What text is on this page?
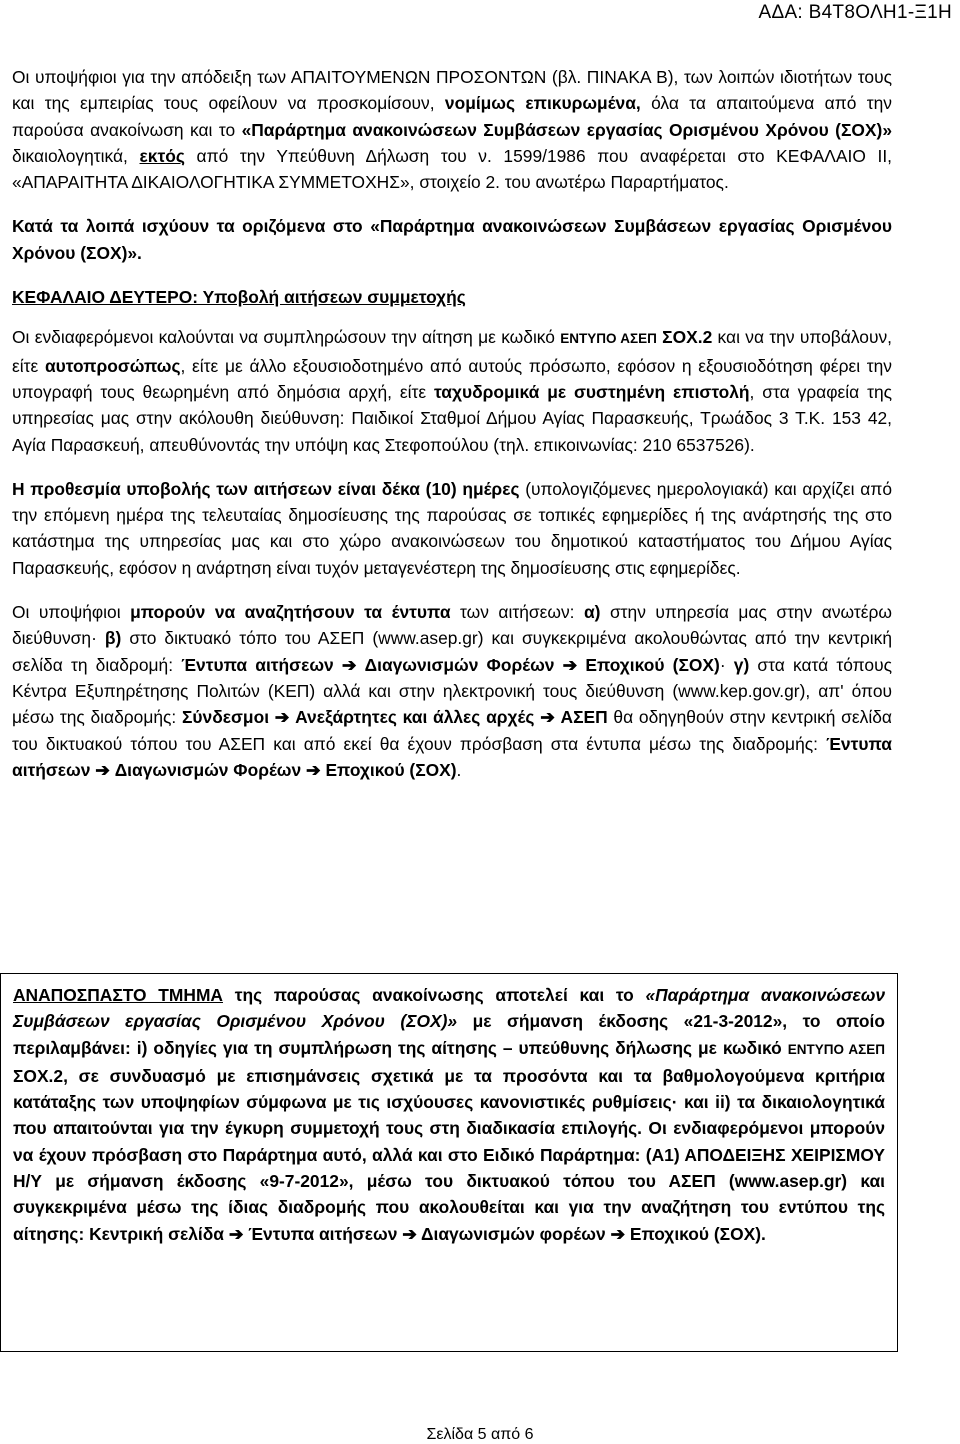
ΑΔΑ: Β4Τ8ΟΛΗ1-Ξ1Η

Οι υποψήφιοι για την απόδειξη των ΑΠΑΙΤΟΥΜΕΝΩΝ ΠΡΟΣΟΝΤΩΝ (βλ. ΠΙΝΑΚΑ Β), των λοιπών ιδιοτήτων τους και της εμπειρίας τους οφείλουν να προσκομίσουν, νομίμως επικυρωμένα, όλα τα απαιτούμενα από την παρούσα ανακοίνωση και το «Παράρτημα ανακοινώσεων Συμβάσεων εργασίας Ορισμένου Χρόνου (ΣΟΧ)» δικαιολογητικά, εκτός από την Υπεύθυνη Δήλωση του ν. 1599/1986 που αναφέρεται στο ΚΕΦΑΛΑΙΟ ΙΙ, «ΑΠΑΡΑΙΤΗΤΑ ΔΙΚΑΙΟΛΟΓΗΤΙΚΑ ΣΥΜΜΕΤΟΧΗΣ», στοιχείο 2. του ανωτέρω Παραρτήματος.

Κατά τα λοιπά ισχύουν τα οριζόμενα στο «Παράρτημα ανακοινώσεων Συμβάσεων εργασίας Ορισμένου Χρόνου (ΣΟΧ)».

ΚΕΦΑΛΑΙΟ ΔΕΥΤΕΡΟ: Υποβολή αιτήσεων συμμετοχής

Οι ενδιαφερόμενοι καλούνται να συμπληρώσουν την αίτηση με κωδικό ΕΝΤΥΠΟ ΑΣΕΠ ΣΟΧ.2 και να την υποβάλουν, είτε αυτοπροσώπως, είτε με άλλο εξουσιοδοτημένο από αυτούς πρόσωπο, εφόσον η εξουσιοδότηση φέρει την υπογραφή τους θεωρημένη από δημόσια αρχή, είτε ταχυδρομικά με συστημένη επιστολή, στα γραφεία της υπηρεσίας μας στην ακόλουθη διεύθυνση: Παιδικοί Σταθμοί Δήμου Αγίας Παρασκευής, Τρωάδος 3 Τ.Κ. 153 42, Αγία Παρασκευή, απευθύνοντάς την υπόψη κας Στεφοπούλου (τηλ. επικοινωνίας: 210 6537526).

Η προθεσμία υποβολής των αιτήσεων είναι δέκα (10) ημέρες (υπολογιζόμενες ημερολογιακά) και αρχίζει από την επόμενη ημέρα της τελευταίας δημοσίευσης της παρούσας σε τοπικές εφημερίδες ή της ανάρτησής της στο κατάστημα της υπηρεσίας μας και στο χώρο ανακοινώσεων του δημοτικού καταστήματος του Δήμου Αγίας Παρασκευής, εφόσον η ανάρτηση είναι τυχόν μεταγενέστερη της δημοσίευσης στις εφημερίδες.

Οι υποψήφιοι μπορούν να αναζητήσουν τα έντυπα των αιτήσεων: α) στην υπηρεσία μας στην ανωτέρω διεύθυνση· β) στο δικτυακό τόπο του ΑΣΕΠ (www.asep.gr) και συγκεκριμένα ακολουθώντας από την κεντρική σελίδα τη διαδρομή: Έντυπα αιτήσεων ➔ Διαγωνισμών Φορέων ➔ Εποχικού (ΣΟΧ)· γ) στα κατά τόπους Κέντρα Εξυπηρέτησης Πολιτών (ΚΕΠ) αλλά και στην ηλεκτρονική τους διεύθυνση (www.kep.gov.gr), απ' όπου μέσω της διαδρομής: Σύνδεσμοι ➔ Ανεξάρτητες και άλλες αρχές ➔ ΑΣΕΠ θα οδηγηθούν στην κεντρική σελίδα του δικτυακού τόπου του ΑΣΕΠ και από εκεί θα έχουν πρόσβαση στα έντυπα μέσω της διαδρομής: Έντυπα αιτήσεων ➔ Διαγωνισμών Φορέων ➔ Εποχικού (ΣΟΧ).

ΑΝΑΠΟΣΠΑΣΤΟ ΤΜΗΜΑ της παρούσας ανακοίνωσης αποτελεί και το «Παράρτημα ανακοινώσεων Συμβάσεων εργασίας Ορισμένου Χρόνου (ΣΟΧ)» με σήμανση έκδοσης «21-3-2012», το οποίο περιλαμβάνει: i) οδηγίες για τη συμπλήρωση της αίτησης – υπεύθυνης δήλωσης με κωδικό ΕΝΤΥΠΟ ΑΣΕΠ ΣΟΧ.2, σε συνδυασμό με επισημάνσεις σχετικά με τα προσόντα και τα βαθμολογούμενα κριτήρια κατάταξης των υποψηφίων σύμφωνα με τις ισχύουσες κανονιστικές ρυθμίσεις· και ii) τα δικαιολογητικά που απαιτούνται για την έγκυρη συμμετοχή τους στη διαδικασία επιλογής. Οι ενδιαφερόμενοι μπορούν να έχουν πρόσβαση στο Παράρτημα αυτό, αλλά και στο Ειδικό Παράρτημα: (Α1) ΑΠΟΔΕΙΞΗΣ ΧΕΙΡΙΣΜΟΥ Η/Υ με σήμανση έκδοσης «9-7-2012», μέσω του δικτυακού τόπου του ΑΣΕΠ (www.asep.gr) και συγκεκριμένα μέσω της ίδιας διαδρομής που ακολουθείται και για την αναζήτηση του εντύπου της αίτησης: Κεντρική σελίδα ➔ Έντυπα αιτήσεων ➔ Διαγωνισμών φορέων ➔ Εποχικού (ΣΟΧ).

Σελίδα 5 από 6
